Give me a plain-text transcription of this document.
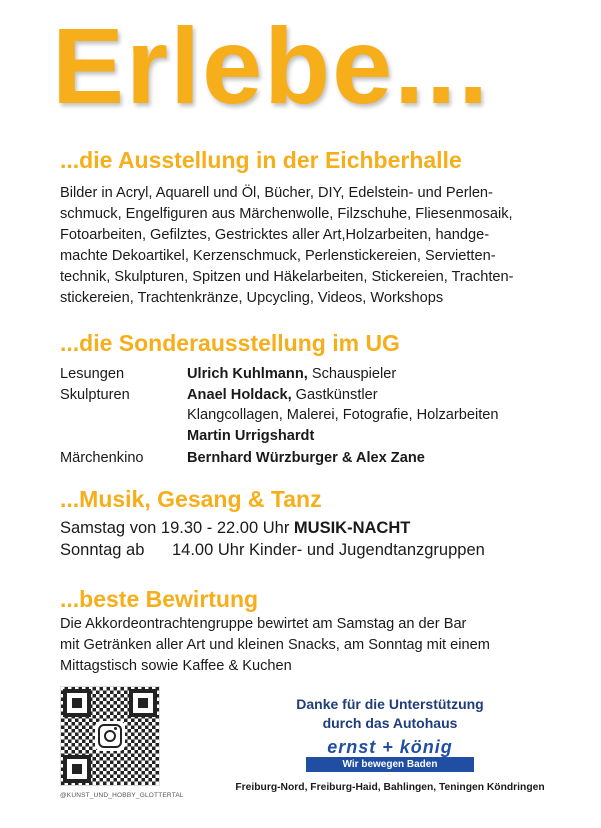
Erlebe...
...die Ausstellung in der Eichberhalle
Bilder in Acryl, Aquarell und Öl, Bücher, DIY, Edelstein- und Perlen-
schmuck, Engelfiguren aus Märchenwolle, Filzschuhe, Fliesenmosaik,
Fotoarbeiten, Gefilztes, Gestricktes aller Art,Holzarbeiten, handge-
machte Dekoartikel, Kerzenschmuck, Perlenstickereien, Servietten-
technik, Skulpturen, Spitzen und Häkelarbeiten, Stickereien, Trachten-
stickereien, Trachtenkränze, Upcycling, Videos, Workshops
...die Sonderausstellung im UG
Lesungen	Ulrich Kuhlmann, Schauspieler
Skulpturen	Anael Holdack, Gastkünstler
Klangcollagen, Malerei, Fotografie, Holzarbeiten
Martin Urrigshardt
Märchenkino	Bernhard Würzburger & Alex Zane
...Musik, Gesang & Tanz
Samstag von 19.30 - 22.00 Uhr MUSIK-NACHT
Sonntag ab 14.00 Uhr Kinder- und Jugendtanzgruppen
...beste Bewirtung
Die Akkordeontrachtengruppe bewirtet am Samstag an der Bar
mit Getränken aller Art und kleinen Snacks, am Sonntag mit einem
Mittagstisch sowie Kaffee & Kuchen
@KUNST_UND_HOBBY_GLOTTERTAL
Danke für die Unterstützung
durch das Autohaus
ernst + könig
Wir bewegen Baden
Freiburg-Nord, Freiburg-Haid, Bahlingen, Teningen Köndringen
